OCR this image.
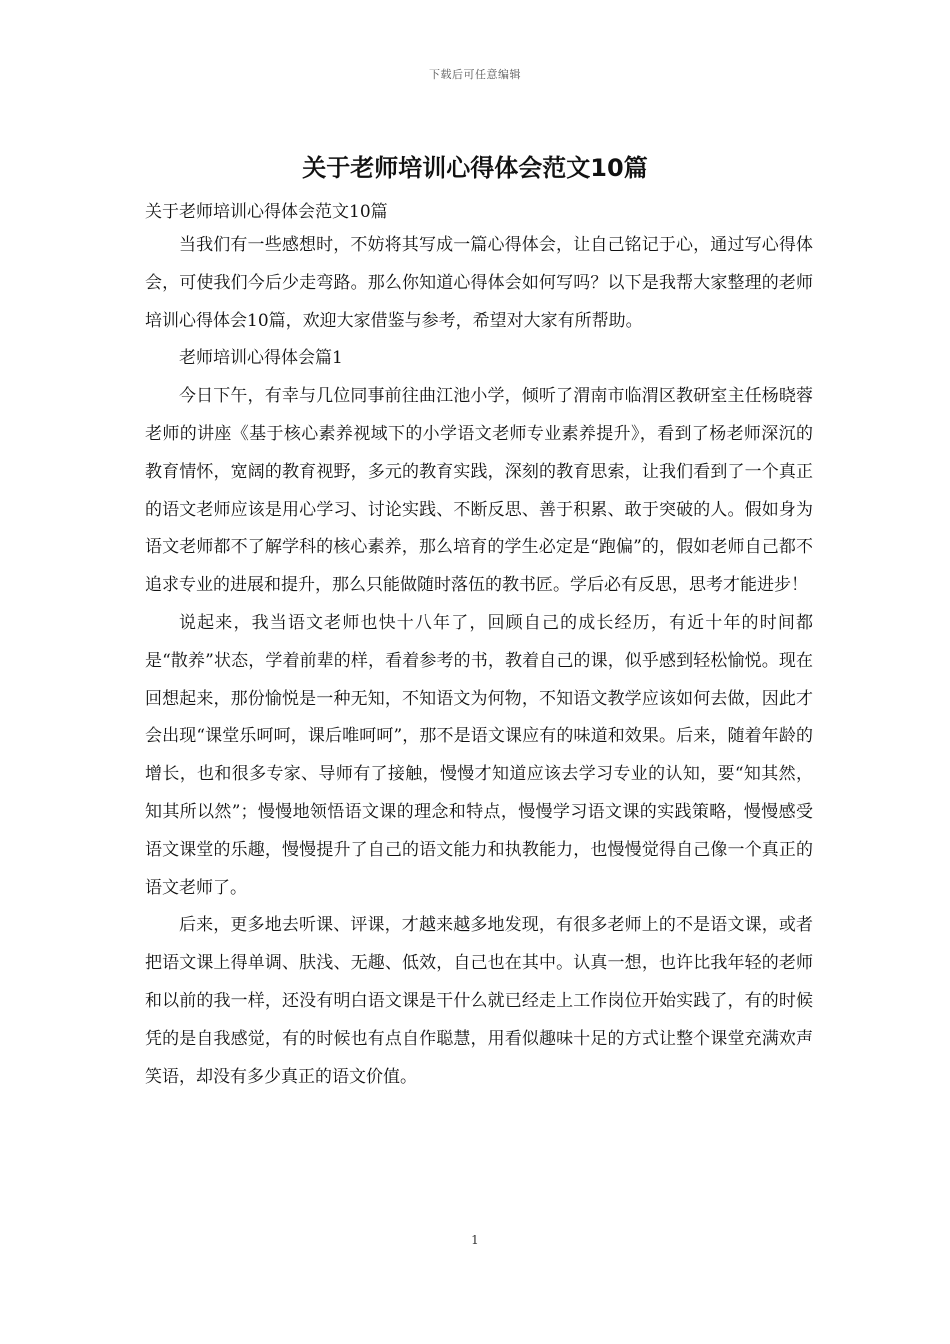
下载后可任意编辑
关于老师培训心得体会范文10篇

关于老师培训心得体会范文10篇

当我们有一些感想时，不妨将其写成一篇心得体会，让自己铭记于心，通过写心得体会，可使我们今后少走弯路。那么你知道心得体会如何写吗？以下是我帮大家整理的老师培训心得体会10篇，欢迎大家借鉴与参考，希望对大家有所帮助。

老师培训心得体会篇1

今日下午，有幸与几位同事前往曲江池小学，倾听了渭南市临渭区教研室主任杨晓蓉老师的讲座《基于核心素养视域下的小学语文老师专业素养提升》，看到了杨老师深沉的教育情怀，宽阔的教育视野，多元的教育实践，深刻的教育思索，让我们看到了一个真正的语文老师应该是用心学习、讨论实践、不断反思、善于积累、敢于突破的人。假如身为语文老师都不了解学科的核心素养，那么培育的学生必定是“跑偏”的，假如老师自己都不追求专业的进展和提升，那么只能做随时落伍的教书匠。学后必有反思，思考才能进步！

说起来，我当语文老师也快十八年了，回顾自己的成长经历，有近十年的时间都是“散养”状态，学着前辈的样，看着参考的书，教着自己的课，似乎感到轻松愉悦。现在回想起来，那份愉悦是一种无知，不知语文为何物，不知语文教学应该如何去做，因此才会出现“课堂乐呵呵，课后唯呵呵”，那不是语文课应有的味道和效果。后来，随着年龄的增长，也和很多专家、导师有了接触，慢慢才知道应该去学习专业的认知，要“知其然，知其所以然”；慢慢地领悟语文课的理念和特点，慢慢学习语文课的实践策略，慢慢感受语文课堂的乐趣，慢慢提升了自己的语文能力和执教能力，也慢慢觉得自己像一个真正的语文老师了。

后来，更多地去听课、评课，才越来越多地发现，有很多老师上的不是语文课，或者把语文课上得单调、肤浅、无趣、低效，自己也在其中。认真一想，也许比我年轻的老师和以前的我一样，还没有明白语文课是干什么就已经走上工作岗位开始实践了，有的时候凭的是自我感觉，有的时候也有点自作聪慧，用看似趣味十足的方式让整个课堂充满欢声笑语，却没有多少真正的语文价值。

1
